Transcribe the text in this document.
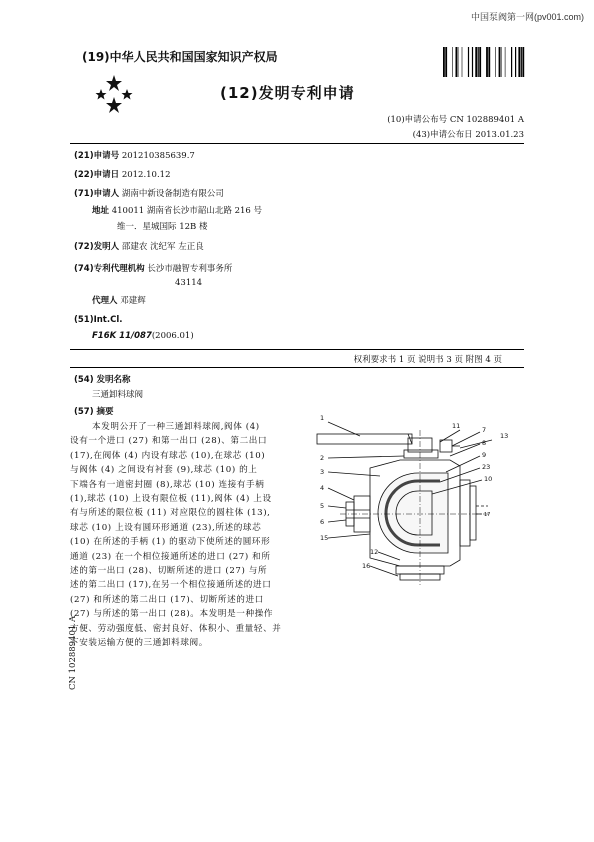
中国泵阀第一网(pv001.com)
(19)中华人民共和国国家知识产权局
(12)发明专利申请
(10)申请公布号 CN 102889401 A
(43)申请公布日 2013.01.23
(21)申请号 201210385639.7
(22)申请日 2012.10.12
(71)申请人 湖南中新设备制造有限公司
地址 410011 湖南省长沙市韶山北路 216 号
维一．星城国际 12B 楼
(72)发明人 邵建农 沈纪军 左正良
(74)专利代理机构 长沙市融智专利事务所
43114
代理人 邓建辉
(51)Int.Cl.
F16K 11/087(2006.01)
权利要求书 1 页 说明书 3 页 附图 4 页
(54) 发明名称
三通卸料球阀
(57) 摘要
本发明公开了一种三通卸料球阀,阀体 (4)
设有一个进口 (27) 和第一出口 (28)、第二出口
(17),在阀体 (4) 内设有球芯 (10),在球芯 (10)
与阀体 (4) 之间设有衬套 (9),球芯 (10) 的上
下端各有一道密封圈 (8),球芯 (10) 连接有手柄
(1),球芯 (10) 上设有限位板 (11),阀体 (4) 上设
有与所述的限位板 (11) 对应限位的圆柱体 (13),
球芯 (10) 上设有圆环形通道 (23),所述的球芯
(10) 在所述的手柄 (1) 的驱动下使所述的圆环形
通道 (23) 在一个相位接通所述的进口 (27) 和所
述的第一出口 (28)、切断所述的进口 (27) 与所
述的第二出口 (17),在另一个相位接通所述的进口
(27) 和所述的第二出口 (17)、切断所述的进口
(27) 与所述的第一出口 (28)。本发明是一种操作
方便、劳动强度低、密封良好、体积小、重量轻、并
下安装运输方便的三通卸料球阀。
CN 102889401 A
1
11	7
8
13
9
23
10
2
3
4
5
6
15
12
16
17
